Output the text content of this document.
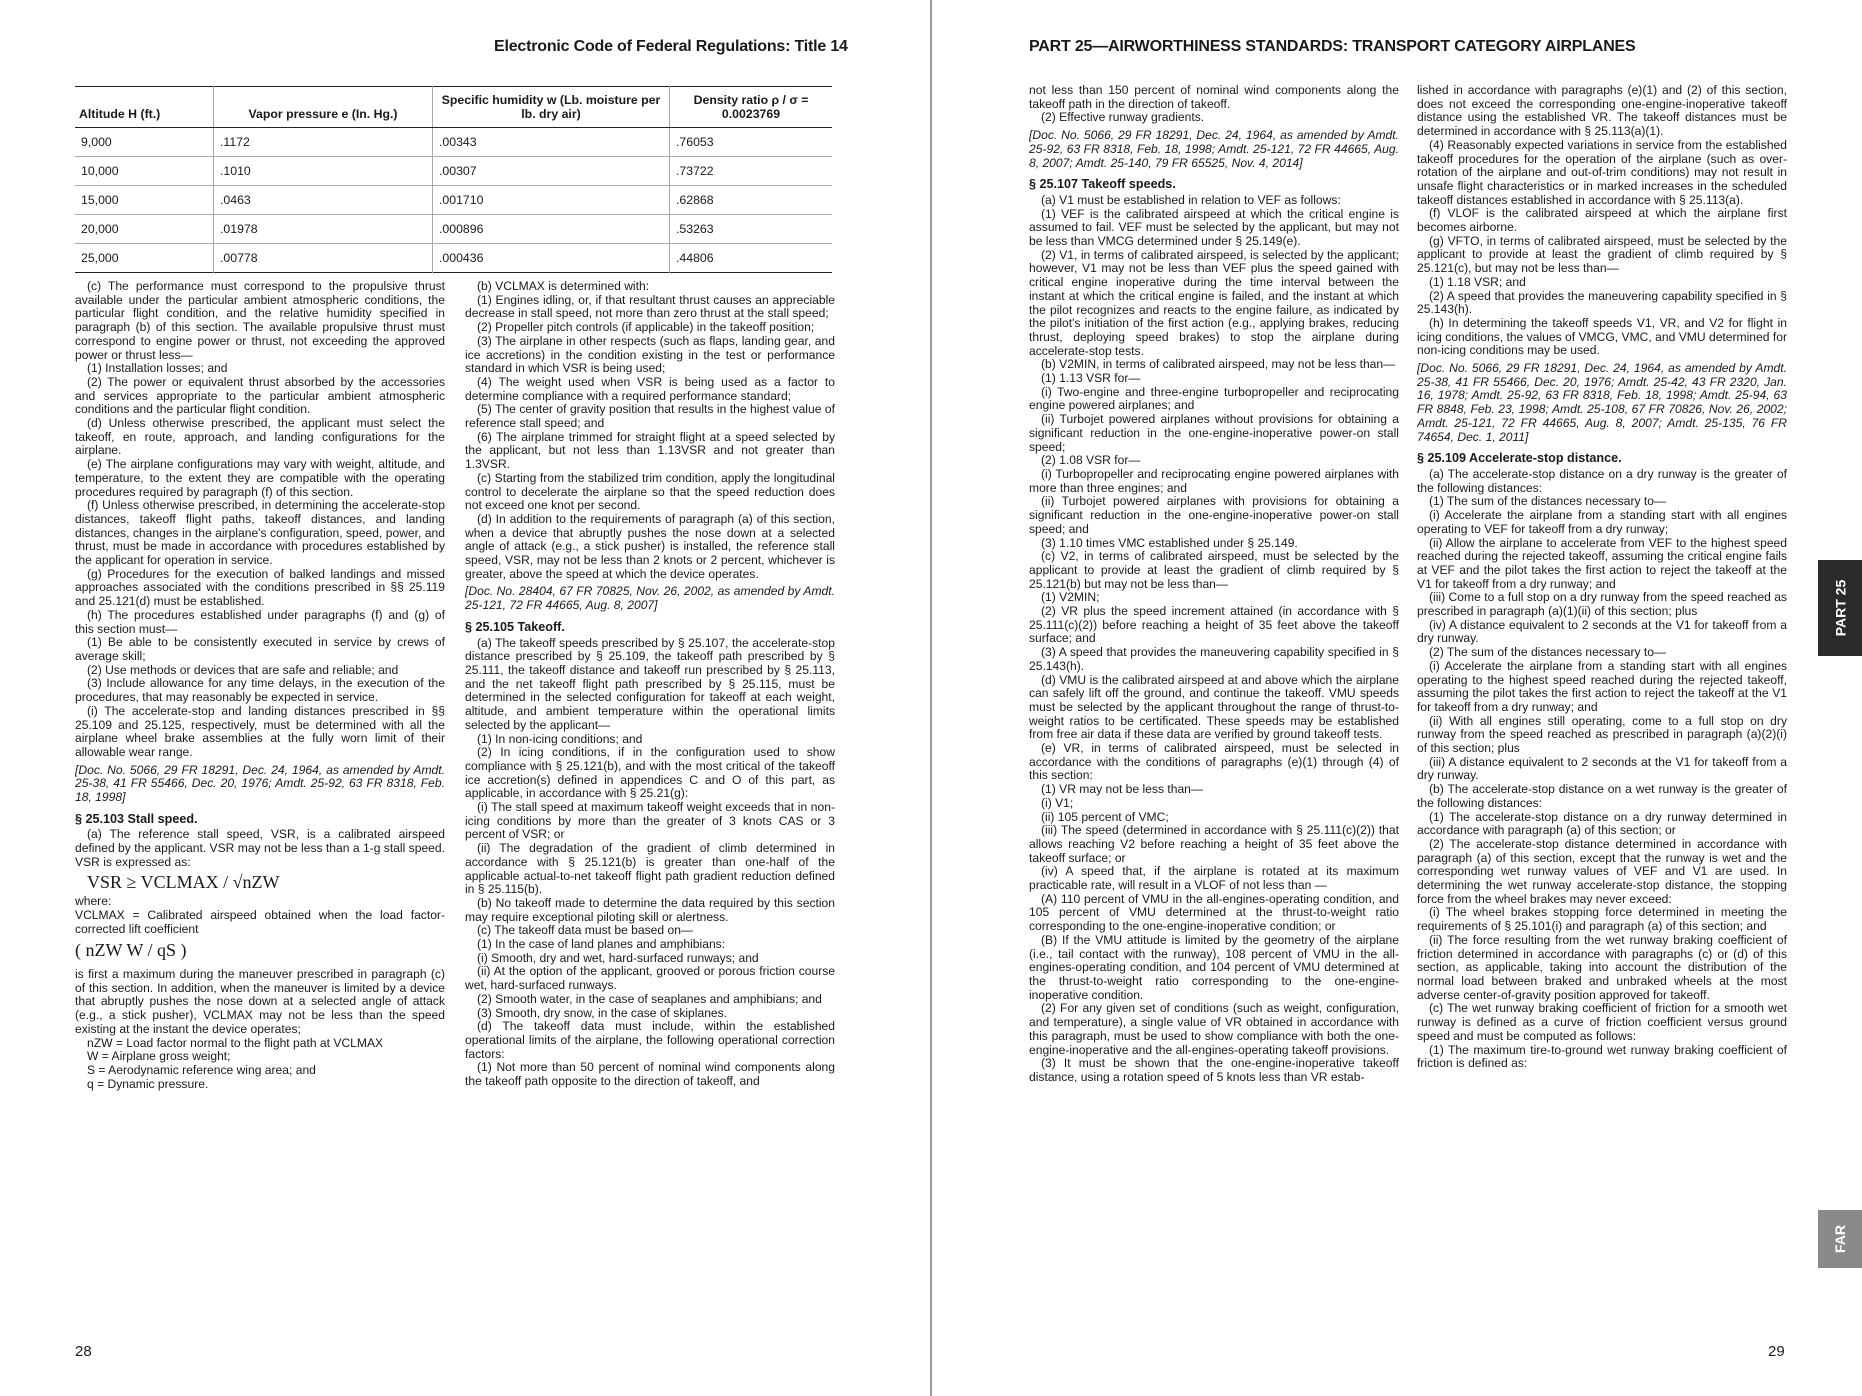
Electronic Code of Federal Regulations: Title 14
Altitude H (ft.)	Vapor pressure e (In. Hg.)	Specific humidity w (Lb. moisture per lb. dry air)	Density ratio ρ / σ = 0.0023769
9,000	.1172	.00343	.76053
10,000	.1010	.00307	.73722
15,000	.0463	.001710	.62868
20,000	.01978	.000896	.53263
25,000	.00778	.000436	.44806

(c) The performance must correspond to the propulsive thrust available under the particular ambient atmospheric conditions, the particular flight condition, and the relative humidity specified in paragraph (b) of this section. The available propulsive thrust must correspond to engine power or thrust, not exceeding the approved power or thrust less—

(1) Installation losses; and

(2) The power or equivalent thrust absorbed by the accessories and services appropriate to the particular ambient atmospheric conditions and the particular flight condition.

(d) Unless otherwise prescribed, the applicant must select the takeoff, en route, approach, and landing configurations for the airplane.

(e) The airplane configurations may vary with weight, altitude, and temperature, to the extent they are compatible with the operating procedures required by paragraph (f) of this section.

(f) Unless otherwise prescribed, in determining the accelerate-stop distances, takeoff flight paths, takeoff distances, and landing distances, changes in the airplane's configuration, speed, power, and thrust, must be made in accordance with procedures established by the applicant for operation in service.

(g) Procedures for the execution of balked landings and missed approaches associated with the conditions prescribed in §§ 25.119 and 25.121(d) must be established.

(h) The procedures established under paragraphs (f) and (g) of this section must—

(1) Be able to be consistently executed in service by crews of average skill;

(2) Use methods or devices that are safe and reliable; and

(3) Include allowance for any time delays, in the execution of the procedures, that may reasonably be expected in service.

(i) The accelerate-stop and landing distances prescribed in §§ 25.109 and 25.125, respectively, must be determined with all the airplane wheel brake assemblies at the fully worn limit of their allowable wear range.

[Doc. No. 5066, 29 FR 18291, Dec. 24, 1964, as amended by Amdt. 25-38, 41 FR 55466, Dec. 20, 1976; Amdt. 25-92, 63 FR 8318, Feb. 18, 1998]

§ 25.103 Stall speed.

(a) The reference stall speed, VSR, is a calibrated airspeed defined by the applicant. VSR may not be less than a 1-g stall speed. VSR is expressed as:

VSR ≥ VCLMAX / √nZW

where:

VCLMAX = Calibrated airspeed obtained when the load factor-corrected lift coefficient

( nZW W / qS )

is first a maximum during the maneuver prescribed in paragraph (c) of this section. In addition, when the maneuver is limited by a device that abruptly pushes the nose down at a selected angle of attack (e.g., a stick pusher), VCLMAX may not be less than the speed existing at the instant the device operates;

nZW = Load factor normal to the flight path at VCLMAX

W = Airplane gross weight;

S = Aerodynamic reference wing area; and

q = Dynamic pressure.

(b) VCLMAX is determined with:

(1) Engines idling, or, if that resultant thrust causes an appreciable decrease in stall speed, not more than zero thrust at the stall speed;

(2) Propeller pitch controls (if applicable) in the takeoff position;

(3) The airplane in other respects (such as flaps, landing gear, and ice accretions) in the condition existing in the test or performance standard in which VSR is being used;

(4) The weight used when VSR is being used as a factor to determine compliance with a required performance standard;

(5) The center of gravity position that results in the highest value of reference stall speed; and

(6) The airplane trimmed for straight flight at a speed selected by the applicant, but not less than 1.13VSR and not greater than 1.3VSR.

(c) Starting from the stabilized trim condition, apply the longitudinal control to decelerate the airplane so that the speed reduction does not exceed one knot per second.

(d) In addition to the requirements of paragraph (a) of this section, when a device that abruptly pushes the nose down at a selected angle of attack (e.g., a stick pusher) is installed, the reference stall speed, VSR, may not be less than 2 knots or 2 percent, whichever is greater, above the speed at which the device operates.

[Doc. No. 28404, 67 FR 70825, Nov. 26, 2002, as amended by Amdt. 25-121, 72 FR 44665, Aug. 8, 2007]

§ 25.105 Takeoff.

(a) The takeoff speeds prescribed by § 25.107, the accelerate-stop distance prescribed by § 25.109, the takeoff path prescribed by § 25.111, the takeoff distance and takeoff run prescribed by § 25.113, and the net takeoff flight path prescribed by § 25.115, must be determined in the selected configuration for takeoff at each weight, altitude, and ambient temperature within the operational limits selected by the applicant—

(1) In non-icing conditions; and

(2) In icing conditions, if in the configuration used to show compliance with § 25.121(b), and with the most critical of the takeoff ice accretion(s) defined in appendices C and O of this part, as applicable, in accordance with § 25.21(g):

(i) The stall speed at maximum takeoff weight exceeds that in non-icing conditions by more than the greater of 3 knots CAS or 3 percent of VSR; or

(ii) The degradation of the gradient of climb determined in accordance with § 25.121(b) is greater than one-half of the applicable actual-to-net takeoff flight path gradient reduction defined in § 25.115(b).

(b) No takeoff made to determine the data required by this section may require exceptional piloting skill or alertness.

(c) The takeoff data must be based on—

(1) In the case of land planes and amphibians:

(i) Smooth, dry and wet, hard-surfaced runways; and

(ii) At the option of the applicant, grooved or porous friction course wet, hard-surfaced runways.

(2) Smooth water, in the case of seaplanes and amphibians; and

(3) Smooth, dry snow, in the case of skiplanes.

(d) The takeoff data must include, within the established operational limits of the airplane, the following operational correction factors:

(1) Not more than 50 percent of nominal wind components along the takeoff path opposite to the direction of takeoff, and

28
PART 25—AIRWORTHINESS STANDARDS: TRANSPORT CATEGORY AIRPLANES

not less than 150 percent of nominal wind components along the takeoff path in the direction of takeoff.

(2) Effective runway gradients.

[Doc. No. 5066, 29 FR 18291, Dec. 24, 1964, as amended by Amdt. 25-92, 63 FR 8318, Feb. 18, 1998; Amdt. 25-121, 72 FR 44665, Aug. 8, 2007; Amdt. 25-140, 79 FR 65525, Nov. 4, 2014]

§ 25.107 Takeoff speeds.

(a) V1 must be established in relation to VEF as follows:

(1) VEF is the calibrated airspeed at which the critical engine is assumed to fail. VEF must be selected by the applicant, but may not be less than VMCG determined under § 25.149(e).

(2) V1, in terms of calibrated airspeed, is selected by the applicant; however, V1 may not be less than VEF plus the speed gained with critical engine inoperative during the time interval between the instant at which the critical engine is failed, and the instant at which the pilot recognizes and reacts to the engine failure, as indicated by the pilot's initiation of the first action (e.g., applying brakes, reducing thrust, deploying speed brakes) to stop the airplane during accelerate-stop tests.

(b) V2MIN, in terms of calibrated airspeed, may not be less than—

(1) 1.13 VSR for—

(i) Two-engine and three-engine turbopropeller and reciprocating engine powered airplanes; and

(ii) Turbojet powered airplanes without provisions for obtaining a significant reduction in the one-engine-inoperative power-on stall speed;

(2) 1.08 VSR for—

(i) Turbopropeller and reciprocating engine powered airplanes with more than three engines; and

(ii) Turbojet powered airplanes with provisions for obtaining a significant reduction in the one-engine-inoperative power-on stall speed; and

(3) 1.10 times VMC established under § 25.149.

(c) V2, in terms of calibrated airspeed, must be selected by the applicant to provide at least the gradient of climb required by § 25.121(b) but may not be less than—

(1) V2MIN;

(2) VR plus the speed increment attained (in accordance with § 25.111(c)(2)) before reaching a height of 35 feet above the takeoff surface; and

(3) A speed that provides the maneuvering capability specified in § 25.143(h).

(d) VMU is the calibrated airspeed at and above which the airplane can safely lift off the ground, and continue the takeoff. VMU speeds must be selected by the applicant throughout the range of thrust-to-weight ratios to be certificated. These speeds may be established from free air data if these data are verified by ground takeoff tests.

(e) VR, in terms of calibrated airspeed, must be selected in accordance with the conditions of paragraphs (e)(1) through (4) of this section:

(1) VR may not be less than—

(i) V1;

(ii) 105 percent of VMC;

(iii) The speed (determined in accordance with § 25.111(c)(2)) that allows reaching V2 before reaching a height of 35 feet above the takeoff surface; or

(iv) A speed that, if the airplane is rotated at its maximum practicable rate, will result in a VLOF of not less than —

(A) 110 percent of VMU in the all-engines-operating condition, and 105 percent of VMU determined at the thrust-to-weight ratio corresponding to the one-engine-inoperative condition; or

(B) If the VMU attitude is limited by the geometry of the airplane (i.e., tail contact with the runway), 108 percent of VMU in the all-engines-operating condition, and 104 percent of VMU determined at the thrust-to-weight ratio corresponding to the one-engine-inoperative condition.

(2) For any given set of conditions (such as weight, configuration, and temperature), a single value of VR obtained in accordance with this paragraph, must be used to show compliance with both the one-engine-inoperative and the all-engines-operating takeoff provisions.

(3) It must be shown that the one-engine-inoperative takeoff distance, using a rotation speed of 5 knots less than VR estab-

lished in accordance with paragraphs (e)(1) and (2) of this section, does not exceed the corresponding one-engine-inoperative takeoff distance using the established VR. The takeoff distances must be determined in accordance with § 25.113(a)(1).

(4) Reasonably expected variations in service from the established takeoff procedures for the operation of the airplane (such as over-rotation of the airplane and out-of-trim conditions) may not result in unsafe flight characteristics or in marked increases in the scheduled takeoff distances established in accordance with § 25.113(a).

(f) VLOF is the calibrated airspeed at which the airplane first becomes airborne.

(g) VFTO, in terms of calibrated airspeed, must be selected by the applicant to provide at least the gradient of climb required by § 25.121(c), but may not be less than—

(1) 1.18 VSR; and

(2) A speed that provides the maneuvering capability specified in § 25.143(h).

(h) In determining the takeoff speeds V1, VR, and V2 for flight in icing conditions, the values of VMCG, VMC, and VMU determined for non-icing conditions may be used.

[Doc. No. 5066, 29 FR 18291, Dec. 24, 1964, as amended by Amdt. 25-38, 41 FR 55466, Dec. 20, 1976; Amdt. 25-42, 43 FR 2320, Jan. 16, 1978; Amdt. 25-92, 63 FR 8318, Feb. 18, 1998; Amdt. 25-94, 63 FR 8848, Feb. 23, 1998; Amdt. 25-108, 67 FR 70826, Nov. 26, 2002; Amdt. 25-121, 72 FR 44665, Aug. 8, 2007; Amdt. 25-135, 76 FR 74654, Dec. 1, 2011]

§ 25.109 Accelerate-stop distance.

(a) The accelerate-stop distance on a dry runway is the greater of the following distances:

(1) The sum of the distances necessary to—

(i) Accelerate the airplane from a standing start with all engines operating to VEF for takeoff from a dry runway;

(ii) Allow the airplane to accelerate from VEF to the highest speed reached during the rejected takeoff, assuming the critical engine fails at VEF and the pilot takes the first action to reject the takeoff at the V1 for takeoff from a dry runway; and

(iii) Come to a full stop on a dry runway from the speed reached as prescribed in paragraph (a)(1)(ii) of this section; plus

(iv) A distance equivalent to 2 seconds at the V1 for takeoff from a dry runway.

(2) The sum of the distances necessary to—

(i) Accelerate the airplane from a standing start with all engines operating to the highest speed reached during the rejected takeoff, assuming the pilot takes the first action to reject the takeoff at the V1 for takeoff from a dry runway; and

(ii) With all engines still operating, come to a full stop on dry runway from the speed reached as prescribed in paragraph (a)(2)(i) of this section; plus

(iii) A distance equivalent to 2 seconds at the V1 for takeoff from a dry runway.

(b) The accelerate-stop distance on a wet runway is the greater of the following distances:

(1) The accelerate-stop distance on a dry runway determined in accordance with paragraph (a) of this section; or

(2) The accelerate-stop distance determined in accordance with paragraph (a) of this section, except that the runway is wet and the corresponding wet runway values of VEF and V1 are used. In determining the wet runway accelerate-stop distance, the stopping force from the wheel brakes may never exceed:

(i) The wheel brakes stopping force determined in meeting the requirements of § 25.101(i) and paragraph (a) of this section; and

(ii) The force resulting from the wet runway braking coefficient of friction determined in accordance with paragraphs (c) or (d) of this section, as applicable, taking into account the distribution of the normal load between braked and unbraked wheels at the most adverse center-of-gravity position approved for takeoff.

(c) The wet runway braking coefficient of friction for a smooth wet runway is defined as a curve of friction coefficient versus ground speed and must be computed as follows:

(1) The maximum tire-to-ground wet runway braking coefficient of friction is defined as:

PART 25
FAR
29
